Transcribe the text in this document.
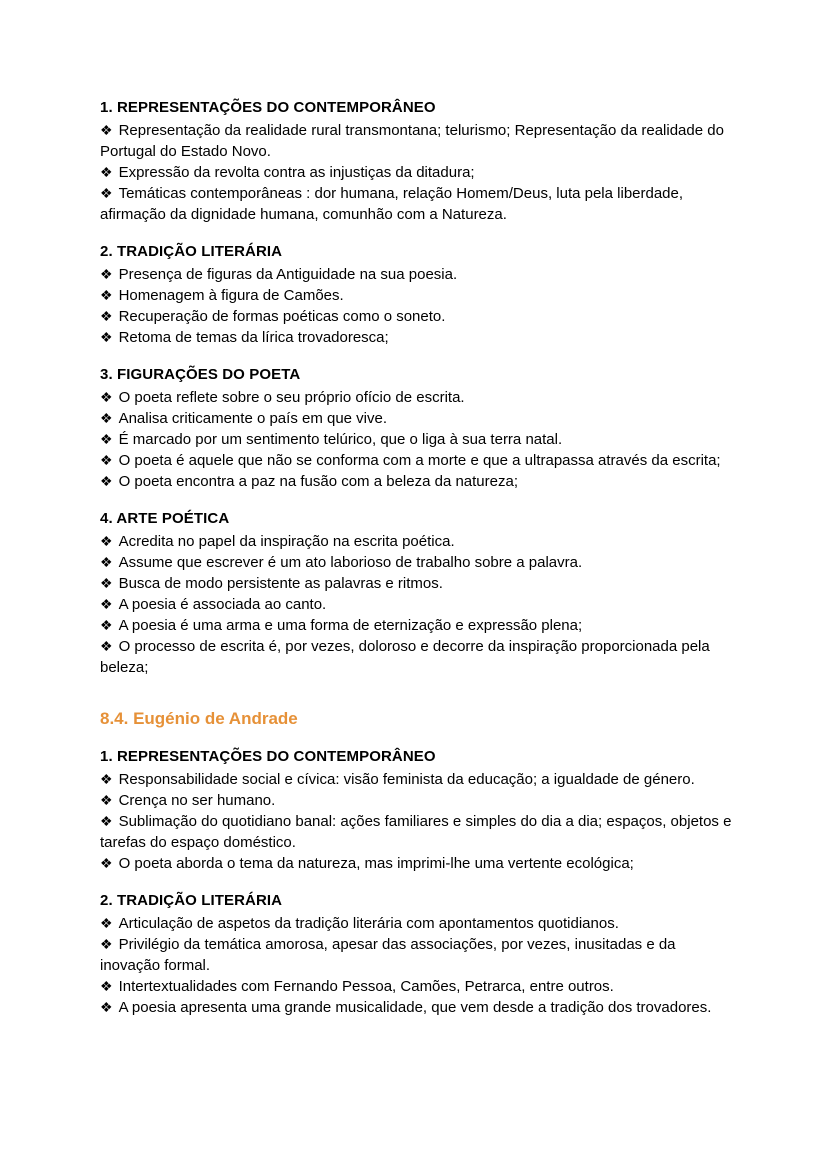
1. REPRESENTAÇÕES DO CONTEMPORÂNEO

❖ Representação da realidade rural transmontana; telurismo; Representação da realidade do Portugal do Estado Novo.

❖ Expressão da revolta contra as injustiças da ditadura;

❖ Temáticas contemporâneas : dor humana, relação Homem/Deus, luta pela liberdade, afirmação da dignidade humana, comunhão com a Natureza.

2. TRADIÇÃO LITERÁRIA

❖ Presença de figuras da Antiguidade na sua poesia.

❖ Homenagem à figura de Camões.

❖ Recuperação de formas poéticas como o soneto.

❖ Retoma de temas da lírica trovadoresca;

3. FIGURAÇÕES DO POETA

❖ O poeta reflete sobre o seu próprio ofício de escrita.

❖ Analisa criticamente o país em que vive.

❖ É marcado por um sentimento telúrico, que o liga à sua terra natal.

❖ O poeta é aquele que não se conforma com a morte e que a ultrapassa através da escrita;

❖ O poeta encontra a paz na fusão com a beleza da natureza;

4. ARTE POÉTICA

❖ Acredita no papel da inspiração na escrita poética.

❖ Assume que escrever é um ato laborioso de trabalho sobre a palavra.

❖ Busca de modo persistente as palavras e ritmos.

❖ A poesia é associada ao canto.

❖ A poesia é uma arma e uma forma de eternização e expressão plena;

❖ O processo de escrita é, por vezes, doloroso e decorre da inspiração proporcionada pela beleza;

8.4. Eugénio de Andrade
1. REPRESENTAÇÕES DO CONTEMPORÂNEO

❖ Responsabilidade social e cívica: visão feminista da educação; a igualdade de género.

❖ Crença no ser humano.

❖ Sublimação do quotidiano banal: ações familiares e simples do dia a dia; espaços, objetos e tarefas do espaço doméstico.

❖ O poeta aborda o tema da natureza, mas imprimi-lhe uma vertente ecológica;

2. TRADIÇÃO LITERÁRIA

❖ Articulação de aspetos da tradição literária com apontamentos quotidianos.

❖ Privilégio da temática amorosa, apesar das associações, por vezes, inusitadas e da inovação formal.

❖ Intertextualidades com Fernando Pessoa, Camões, Petrarca, entre outros.

❖ A poesia apresenta uma grande musicalidade, que vem desde a tradição dos trovadores.
